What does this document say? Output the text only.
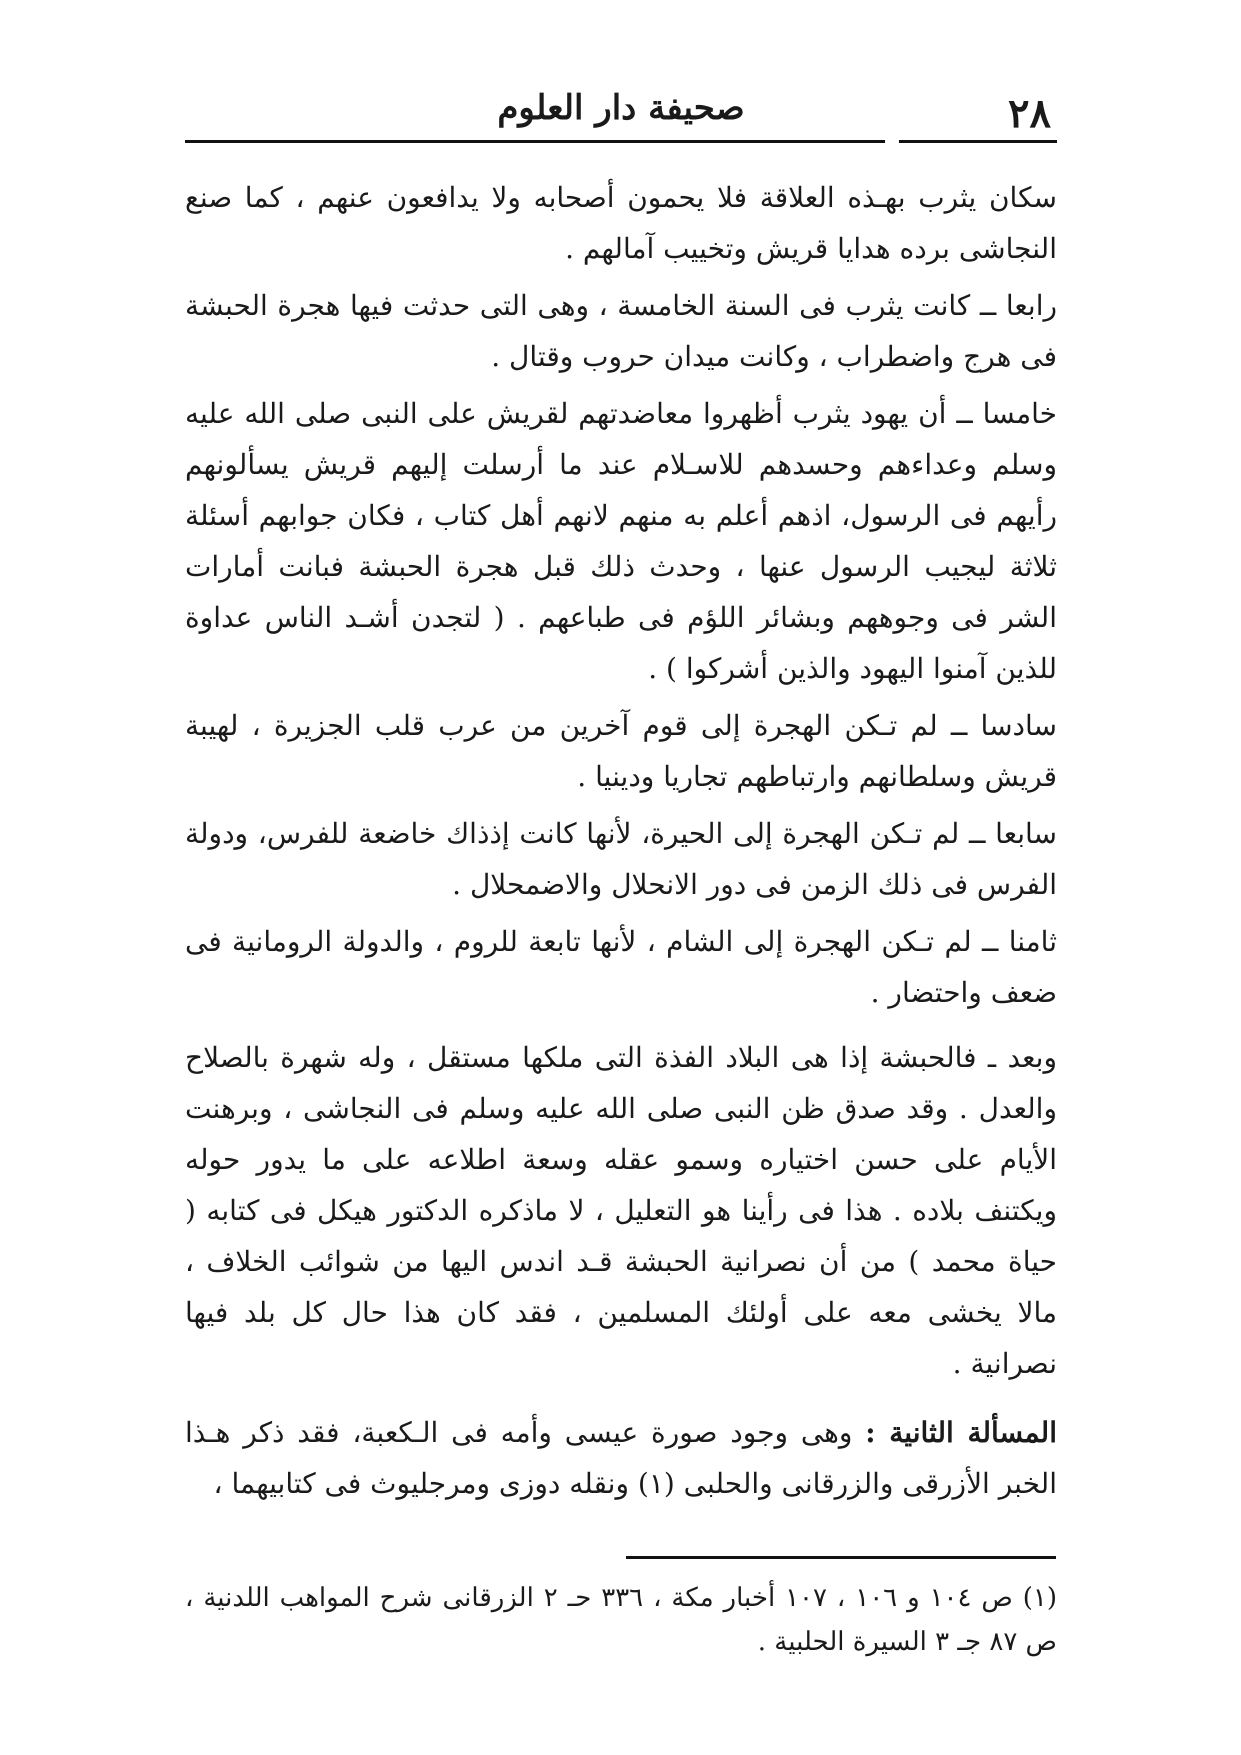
٢٨
صحيفة دار العلوم

سكان يثرب بهـذه العلاقة فلا يحمون أصحابه ولا يدافعون عنهم ، كما صنع النجاشى برده هدايا قريش وتخييب آمالهم .

رابعا ــ كانت يثرب فى السنة الخامسة ، وهى التى حدثت فيها هجرة الحبشة فى هرج واضطراب ، وكانت ميدان حروب وقتال .

خامسا ــ أن يهود يثرب أظهروا معاضدتهم لقريش على النبى صلى الله عليه وسلم وعداءهم وحسدهم للاسـلام عند ما أرسلت إليهم قريش يسألونهم رأيهم فى الرسول، اذهم أعلم به منهم لانهم أهل كتاب ، فكان جوابهم أسئلة ثلاثة ليجيب الرسول عنها ، وحدث ذلك قبل هجرة الحبشة فبانت أمارات الشر فى وجوههم وبشائر اللؤم فى طباعهم . ( لتجدن أشـد الناس عداوة للذين آمنوا اليهود والذين أشركوا ) .

سادسا ــ لم تـكن الهجرة إلى قوم آخرين من عرب قلب الجزيرة ، لهيبة قريش وسلطانهم وارتباطهم تجاريا ودينيا .

سابعا ــ لم تـكن الهجرة إلى الحيرة، لأنها كانت إذذاك خاضعة للفرس، ودولة الفرس فى ذلك الزمن فى دور الانحلال والاضمحلال .

ثامنا ــ لم تـكن الهجرة إلى الشام ، لأنها تابعة للروم ، والدولة الرومانية فى ضعف واحتضار .

وبعد ـ فالحبشة إذا هى البلاد الفذة التى ملكها مستقل ، وله شهرة بالصلاح والعدل . وقد صدق ظن النبى صلى الله عليه وسلم فى النجاشى ، وبرهنت الأيام على حسن اختياره وسمو عقله وسعة اطلاعه على ما يدور حوله ويكتنف بلاده . هذا فى رأينا هو التعليل ، لا ماذكره الدكتور هيكل فى كتابه ( حياة محمد ) من أن نصرانية الحبشة قـد اندس اليها من شوائب الخلاف ، مالا يخشى معه على أولئك المسلمين ، فقد كان هذا حال كل بلد فيها نصرانية .

المسألة الثانية : وهى وجود صورة عيسى وأمه فى الـكعبة، فقد ذكر هـذا الخبر الأزرقى والزرقانى والحلبى (١) ونقله دوزى ومرجليوث فى كتابيهما ،

(١) ص ١٠٤ و ١٠٦ ، ١٠٧ أخبار مكة ، ٣٣٦ حـ ٢ الزرقانى شرح المواهب اللدنية ، ص ٨٧ جـ ٣ السيرة الحلبية .
